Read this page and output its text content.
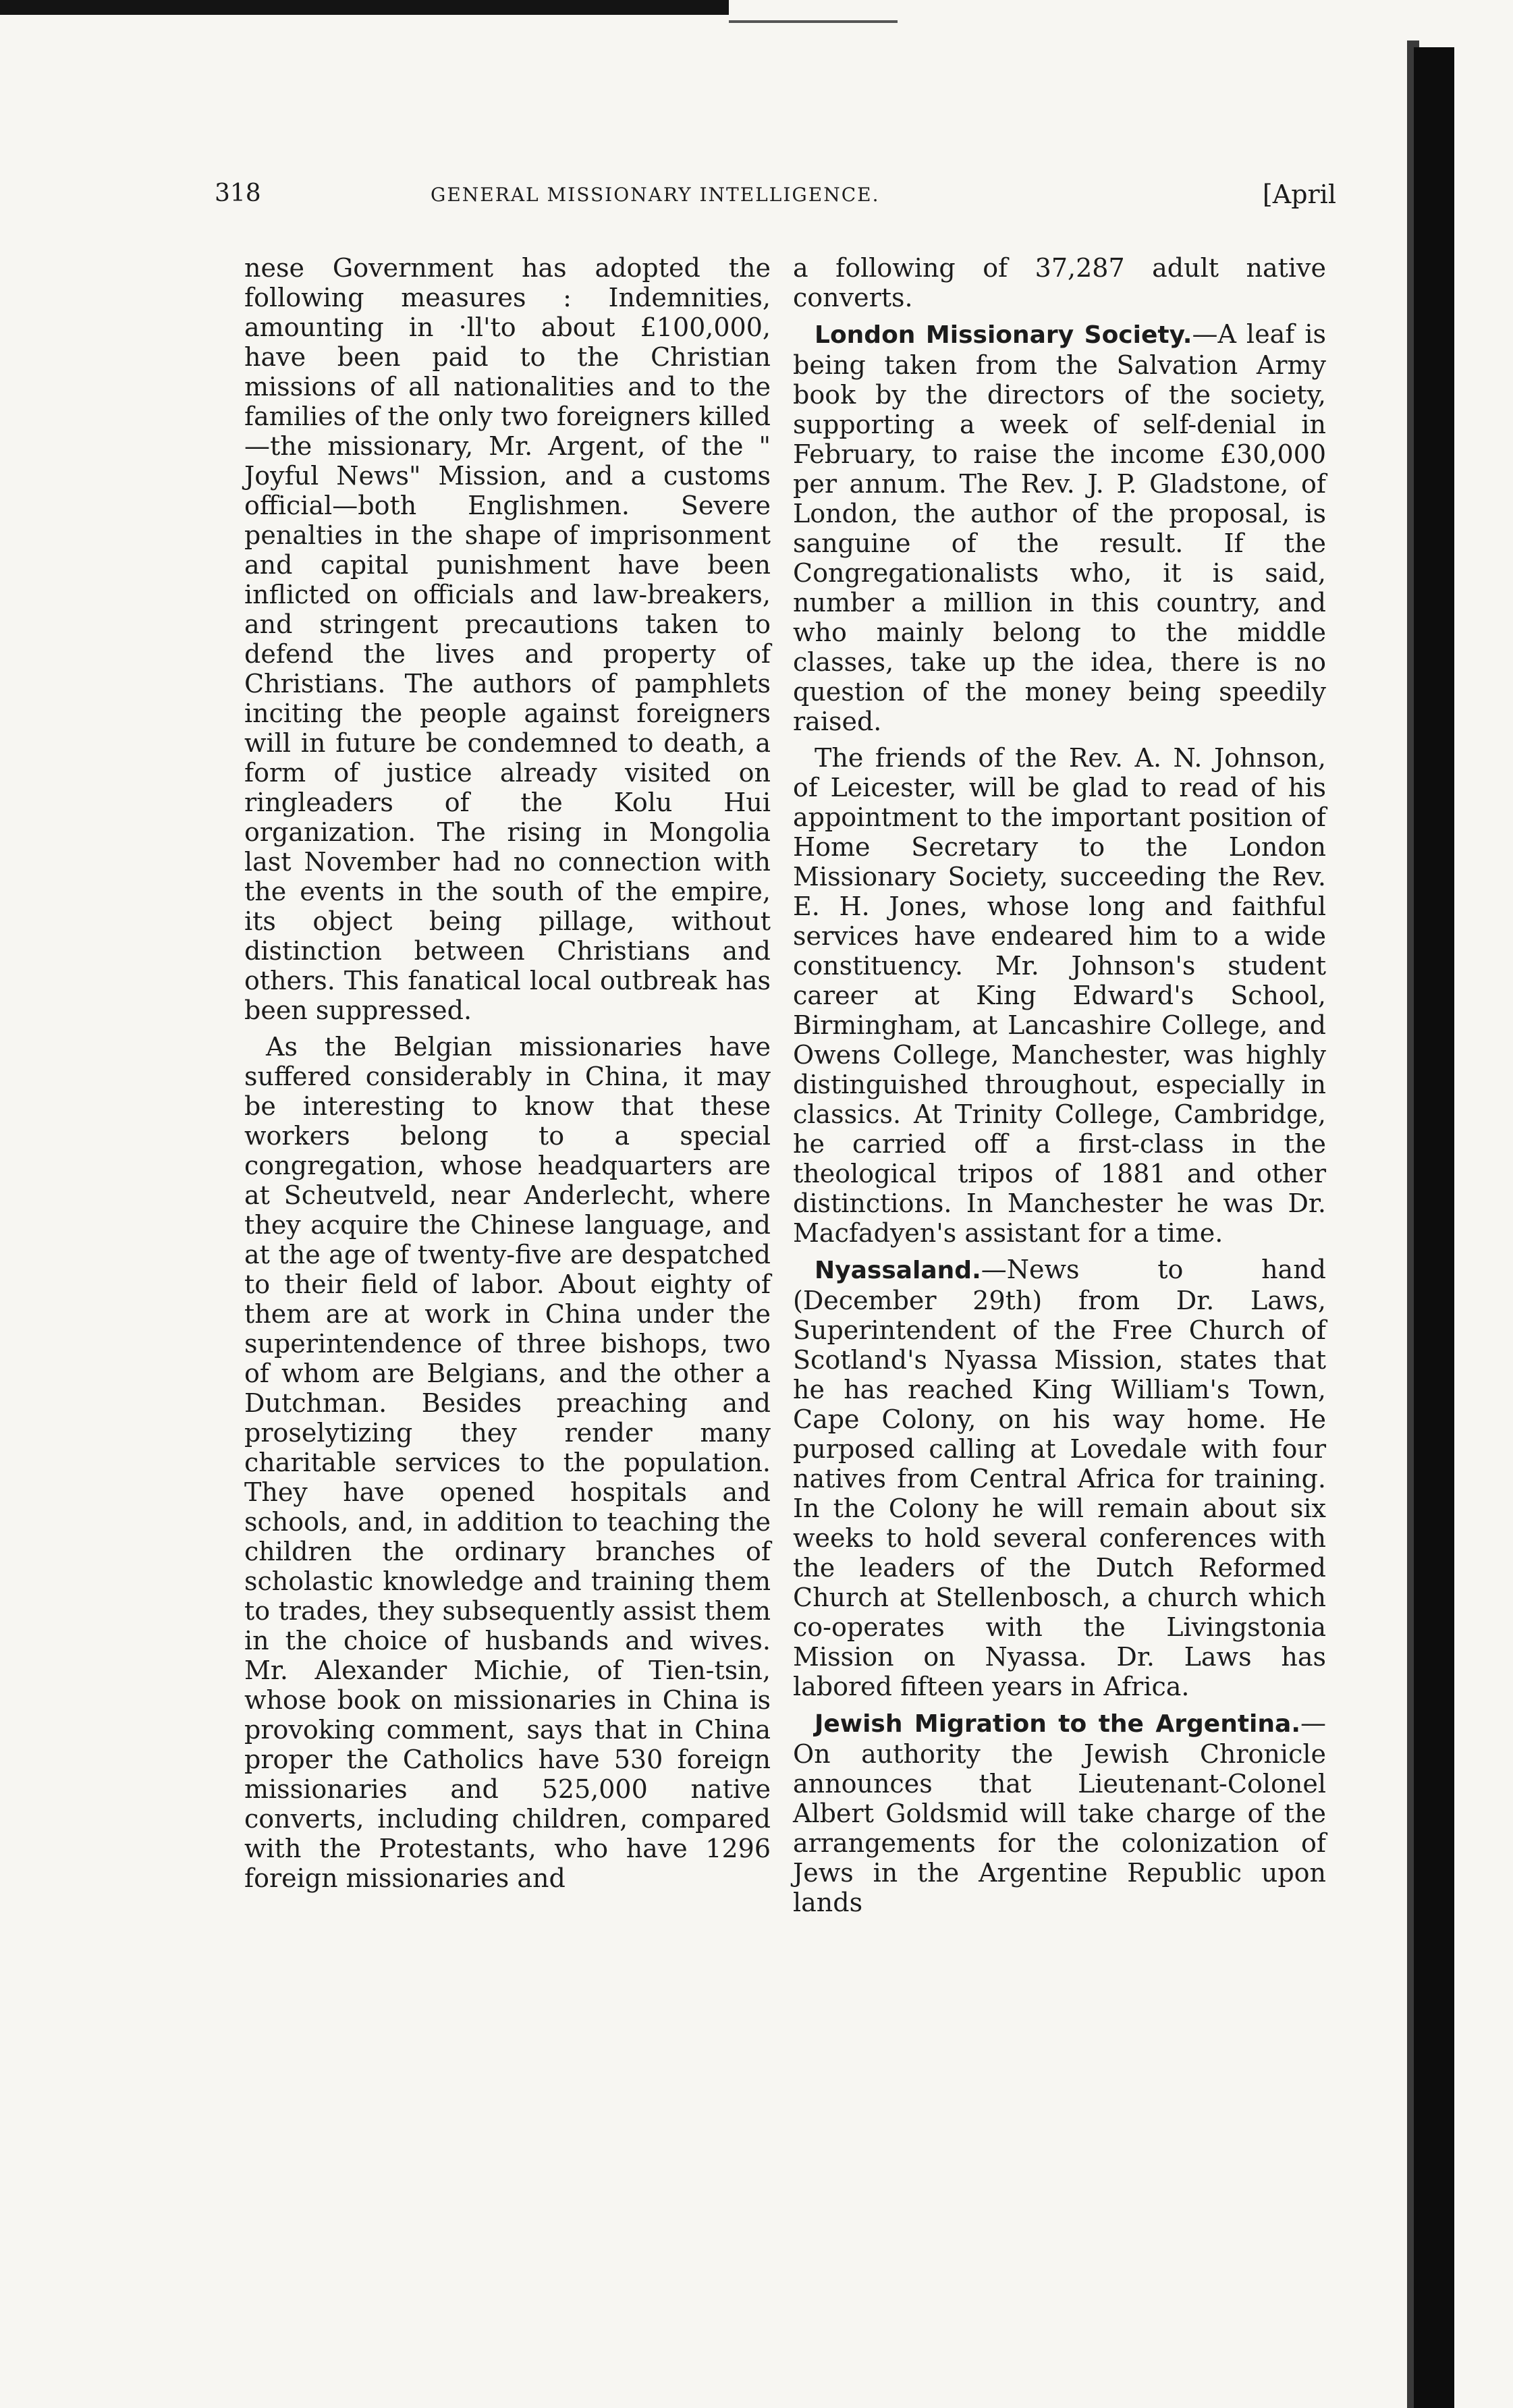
318	GENERAL MISSIONARY INTELLIGENCE.	[April

nese Government has adopted the following measures : Indemnities, amounting in ·ll'to about £100,000, have been paid to the Christian missions of all nationalities and to the families of the only two foreigners killed—the missionary, Mr. Argent, of the " Joyful News" Mission, and a customs official—both Englishmen. Severe penalties in the shape of imprisonment and capital punishment have been inflicted on officials and law-breakers, and stringent precautions taken to defend the lives and property of Christians. The authors of pamphlets inciting the people against foreigners will in future be condemned to death, a form of justice already visited on ringleaders of the Kolu Hui organization. The rising in Mongolia last November had no connection with the events in the south of the empire, its object being pillage, without distinction between Christians and others. This fanatical local outbreak has been suppressed.

As the Belgian missionaries have suffered considerably in China, it may be interesting to know that these workers belong to a special congregation, whose headquarters are at Scheutveld, near Anderlecht, where they acquire the Chinese language, and at the age of twenty-five are despatched to their field of labor. About eighty of them are at work in China under the superintendence of three bishops, two of whom are Belgians, and the other a Dutchman. Besides preaching and proselytizing they render many charitable services to the population. They have opened hospitals and schools, and, in addition to teaching the children the ordinary branches of scholastic knowledge and training them to trades, they subsequently assist them in the choice of husbands and wives. Mr. Alexander Michie, of Tien-tsin, whose book on missionaries in China is provoking comment, says that in China proper the Catholics have 530 foreign missionaries and 525,000 native converts, including children, compared with the Protestants, who have 1296 foreign missionaries and

a following of 37,287 adult native converts.

London Missionary Society.—A leaf is being taken from the Salvation Army book by the directors of the society, supporting a week of self-denial in February, to raise the income £30,000 per annum. The Rev. J. P. Gladstone, of London, the author of the proposal, is sanguine of the result. If the Congregationalists who, it is said, number a million in this country, and who mainly belong to the middle classes, take up the idea, there is no question of the money being speedily raised.

The friends of the Rev. A. N. Johnson, of Leicester, will be glad to read of his appointment to the important position of Home Secretary to the London Missionary Society, succeeding the Rev. E. H. Jones, whose long and faithful services have endeared him to a wide constituency. Mr. Johnson's student career at King Edward's School, Birmingham, at Lancashire College, and Owens College, Manchester, was highly distinguished throughout, especially in classics. At Trinity College, Cambridge, he carried off a first-class in the theological tripos of 1881 and other distinctions. In Manchester he was Dr. Macfadyen's assistant for a time.

Nyassaland.—News to hand (December 29th) from Dr. Laws, Superintendent of the Free Church of Scotland's Nyassa Mission, states that he has reached King William's Town, Cape Colony, on his way home. He purposed calling at Lovedale with four natives from Central Africa for training. In the Colony he will remain about six weeks to hold several conferences with the leaders of the Dutch Reformed Church at Stellenbosch, a church which co-operates with the Livingstonia Mission on Nyassa. Dr. Laws has labored fifteen years in Africa.

Jewish Migration to the Argentina.—On authority the Jewish Chronicle announces that Lieutenant-Colonel Albert Goldsmid will take charge of the arrangements for the colonization of Jews in the Argentine Republic upon lands
